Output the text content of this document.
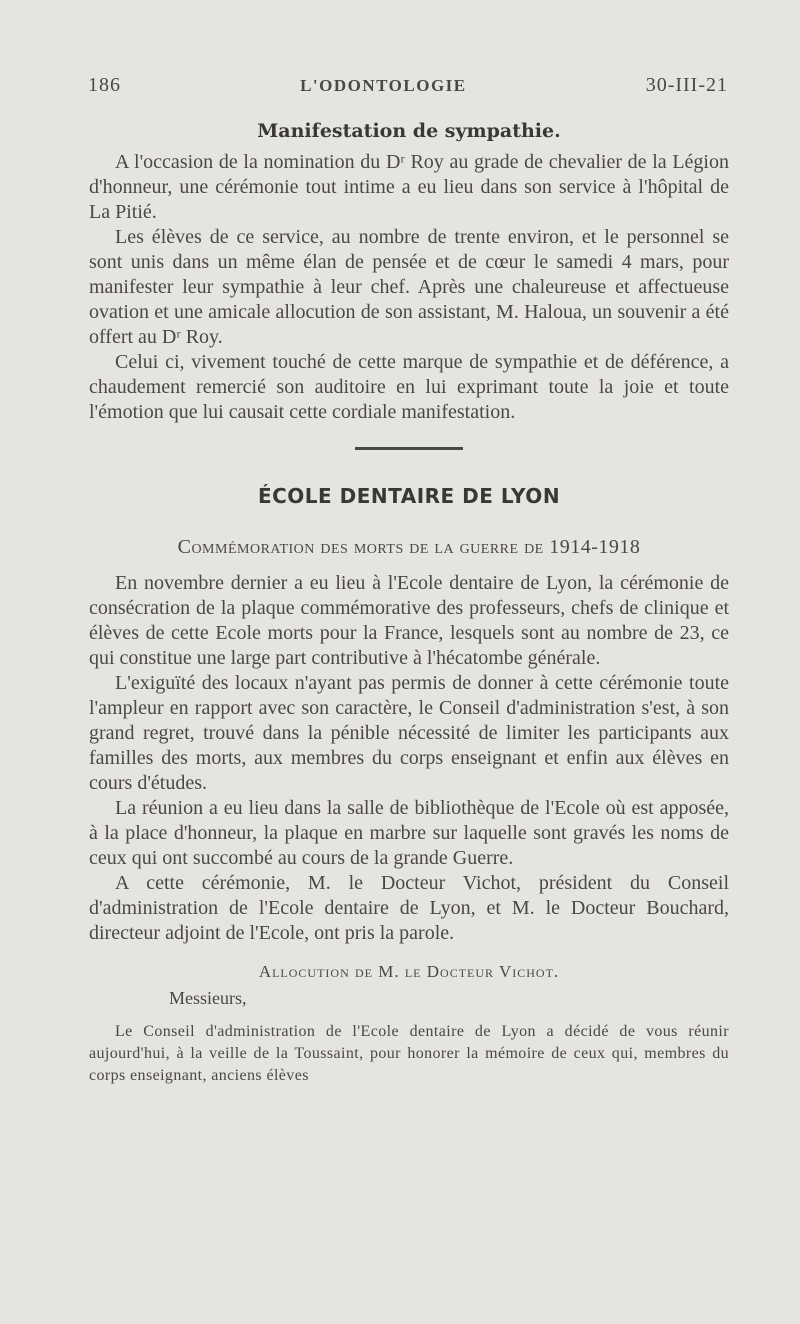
186	L'ODONTOLOGIE	30-III-21
Manifestation de sympathie.

A l'occasion de la nomination du Dʳ Roy au grade de chevalier de la Légion d'honneur, une cérémonie tout intime a eu lieu dans son service à l'hôpital de La Pitié.

Les élèves de ce service, au nombre de trente environ, et le personnel se sont unis dans un même élan de pensée et de cœur le samedi 4 mars, pour manifester leur sympathie à leur chef. Après une chaleureuse et affectueuse ovation et une amicale allocution de son assistant, M. Haloua, un souvenir a été offert au Dʳ Roy.

Celui ci, vivement touché de cette marque de sympathie et de déférence, a chaudement remercié son auditoire en lui exprimant toute la joie et toute l'émotion que lui causait cette cordiale manifestation.

ÉCOLE DENTAIRE DE LYON
Commémoration des morts de la guerre de 1914-1918

En novembre dernier a eu lieu à l'Ecole dentaire de Lyon, la cérémonie de consécration de la plaque commémorative des professeurs, chefs de clinique et élèves de cette Ecole morts pour la France, lesquels sont au nombre de 23, ce qui constitue une large part contributive à l'hécatombe générale.

L'exiguïté des locaux n'ayant pas permis de donner à cette cérémonie toute l'ampleur en rapport avec son caractère, le Conseil d'administration s'est, à son grand regret, trouvé dans la pénible nécessité de limiter les participants aux familles des morts, aux membres du corps enseignant et enfin aux élèves en cours d'études.

La réunion a eu lieu dans la salle de bibliothèque de l'Ecole où est apposée, à la place d'honneur, la plaque en marbre sur laquelle sont gravés les noms de ceux qui ont succombé au cours de la grande Guerre.

A cette cérémonie, M. le Docteur Vichot, président du Conseil d'administration de l'Ecole dentaire de Lyon, et M. le Docteur Bouchard, directeur adjoint de l'Ecole, ont pris la parole.

Allocution de M. le Docteur Vichot.
Messieurs,

Le Conseil d'administration de l'Ecole dentaire de Lyon a décidé de vous réunir aujourd'hui, à la veille de la Toussaint, pour honorer la mémoire de ceux qui, membres du corps enseignant, anciens élèves
